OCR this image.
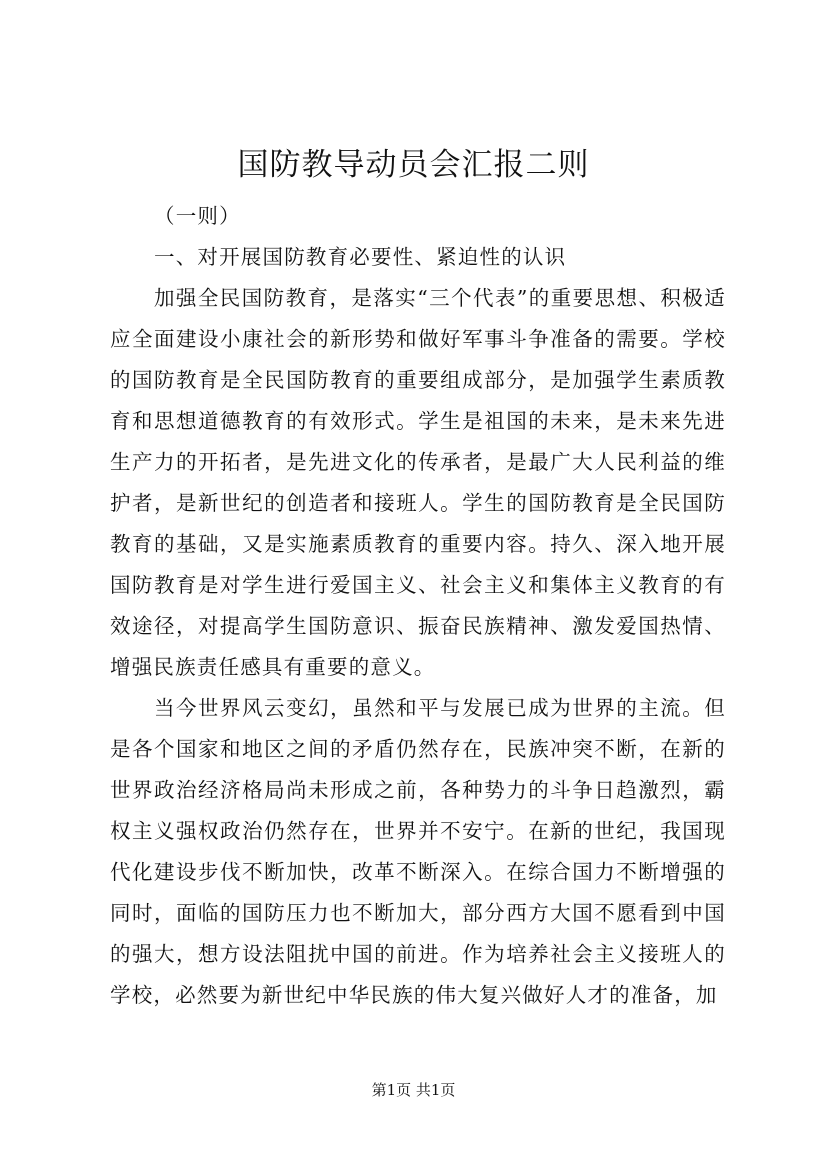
国防教导动员会汇报二则

（一则）

一、对开展国防教育必要性、紧迫性的认识

加强全民国防教育，是落实“三个代表”的重要思想、积极适应全面建设小康社会的新形势和做好军事斗争准备的需要。学校的国防教育是全民国防教育的重要组成部分，是加强学生素质教育和思想道德教育的有效形式。学生是祖国的未来，是未来先进生产力的开拓者，是先进文化的传承者，是最广大人民利益的维护者，是新世纪的创造者和接班人。学生的国防教育是全民国防教育的基础，又是实施素质教育的重要内容。持久、深入地开展国防教育是对学生进行爱国主义、社会主义和集体主义教育的有效途径，对提高学生国防意识、振奋民族精神、激发爱国热情、增强民族责任感具有重要的意义。

当今世界风云变幻，虽然和平与发展已成为世界的主流。但是各个国家和地区之间的矛盾仍然存在，民族冲突不断，在新的世界政治经济格局尚未形成之前，各种势力的斗争日趋激烈，霸权主义强权政治仍然存在，世界并不安宁。在新的世纪，我国现代化建设步伐不断加快，改革不断深入。在综合国力不断增强的同时，面临的国防压力也不断加大，部分西方大国不愿看到中国的强大，想方设法阻扰中国的前进。作为培养社会主义接班人的学校，必然要为新世纪中华民族的伟大复兴做好人才的准备，加

第1页 共1页
